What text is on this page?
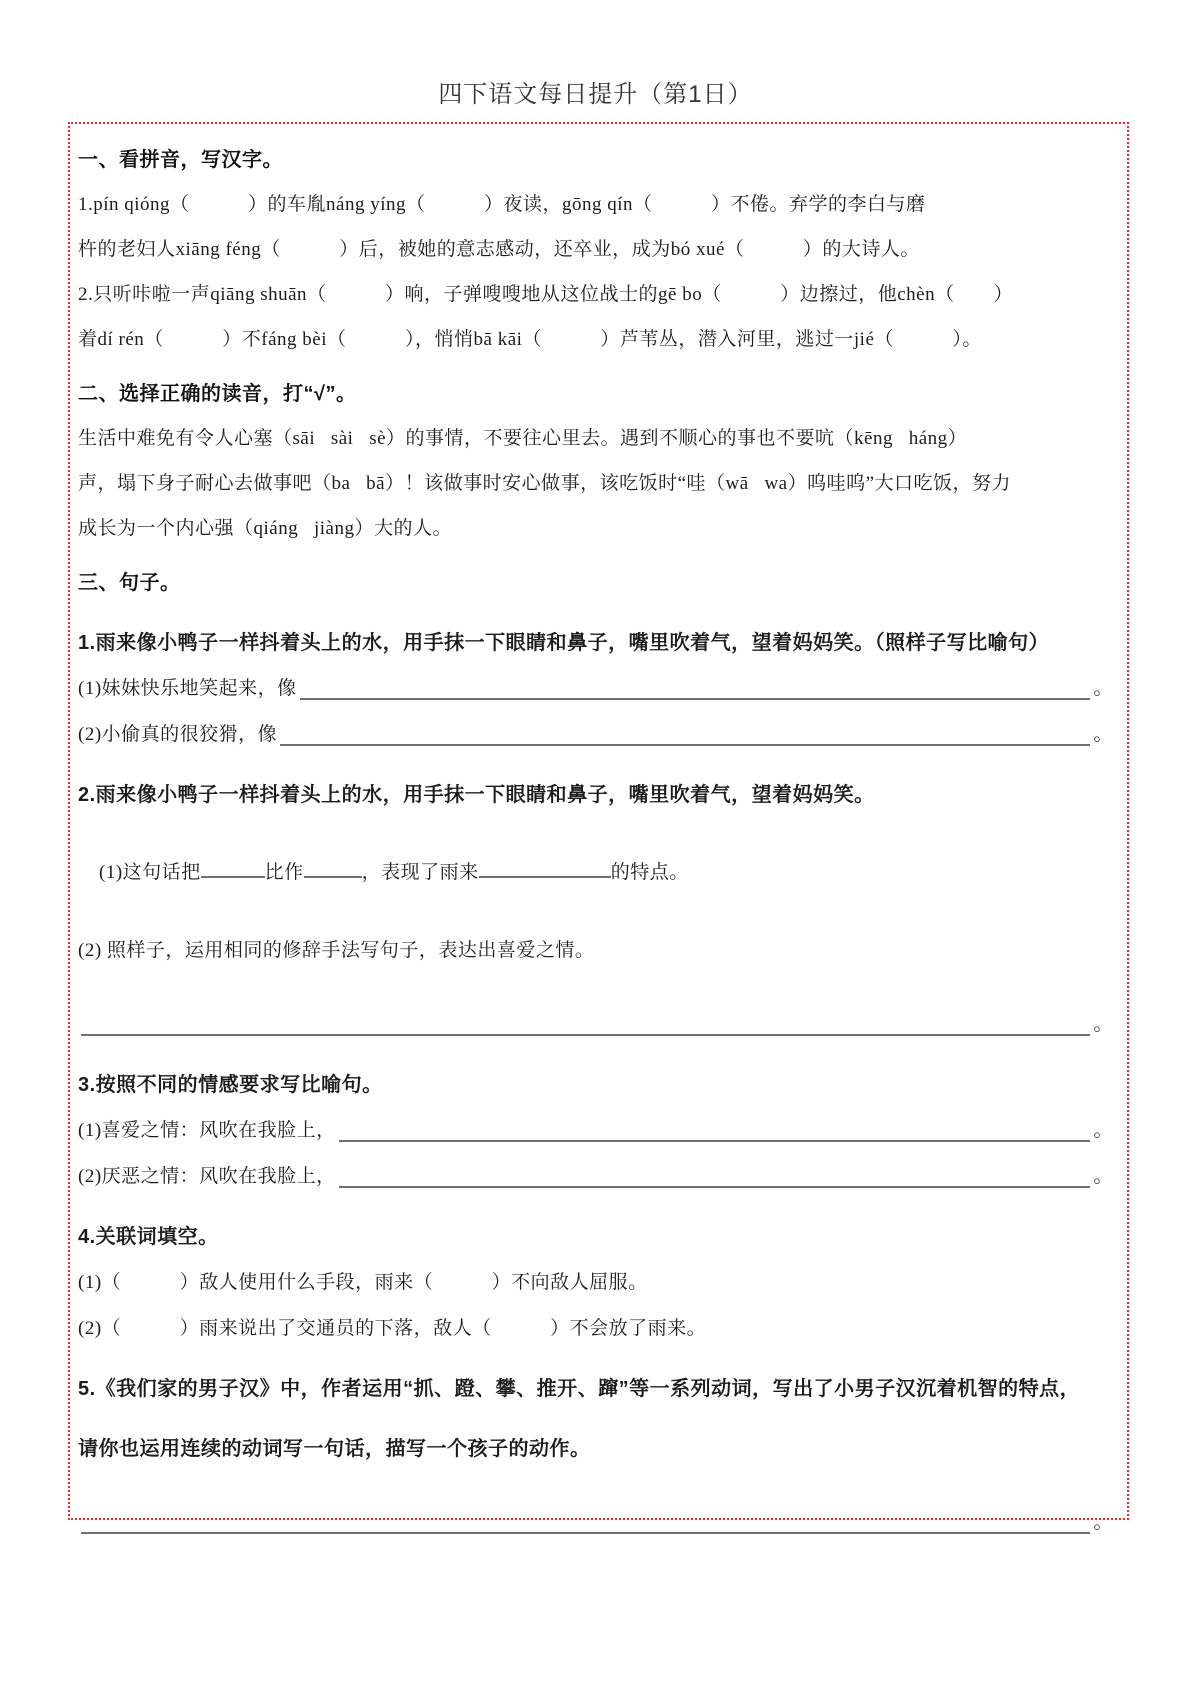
四下语文每日提升（第1日）
一、看拼音，写汉字。
1.pín qióng（　　　）的车胤náng yíng（　　　）夜读，gōng qín（　　　）不倦。弃学的李白与磨
杵的老妇人xiāng féng（　　　）后，被她的意志感动，还卒业，成为bó xué（　　　）的大诗人。
2.只听咔啦一声qiāng shuān（　　　）响，子弹嗖嗖地从这位战士的gē bo（　　　）边擦过，他chèn（　　）
着dí rén（　　　）不fáng bèi（　　　），悄悄bā kāi（　　　）芦苇丛，潜入河里，逃过一jié（　　　）。
二、选择正确的读音，打“√”。
生活中难免有令人心塞（sāi   sài   sè）的事情，不要往心里去。遇到不顺心的事也不要吭（kēng   háng）
声，塌下身子耐心去做事吧（ba   bā）！该做事时安心做事，该吃饭时“哇（wā   wa）呜哇呜”大口吃饭，努力
成长为一个内心强（qiáng   jiàng）大的人。
三、句子。
1.雨来像小鸭子一样抖着头上的水，用手抹一下眼睛和鼻子，嘴里吹着气，望着妈妈笑。（照样子写比喻句）
(1)妹妹快乐地笑起来，像	。
(2)小偷真的很狡猾，像	。
2.雨来像小鸭子一样抖着头上的水，用手抹一下眼睛和鼻子，嘴里吹着气，望着妈妈笑。

(1)这句话把	比作	，表现了雨来	的特点。

(2) 照样子，运用相同的修辞手法写句子，表达出喜爱之情。
。
3.按照不同的情感要求写比喻句。
(1)喜爱之情：风吹在我脸上，	。
(2)厌恶之情：风吹在我脸上，	。
4.关联词填空。
(1)（　　　）敌人使用什么手段，雨来（　　　）不向敌人屈服。
(2)（　　　）雨来说出了交通员的下落，敌人（　　　）不会放了雨来。
5.《我们家的男子汉》中，作者运用“抓、蹬、攀、推开、蹿”等一系列动词，写出了小男子汉沉着机智的特点，
请你也运用连续的动词写一句话，描写一个孩子的动作。
。
